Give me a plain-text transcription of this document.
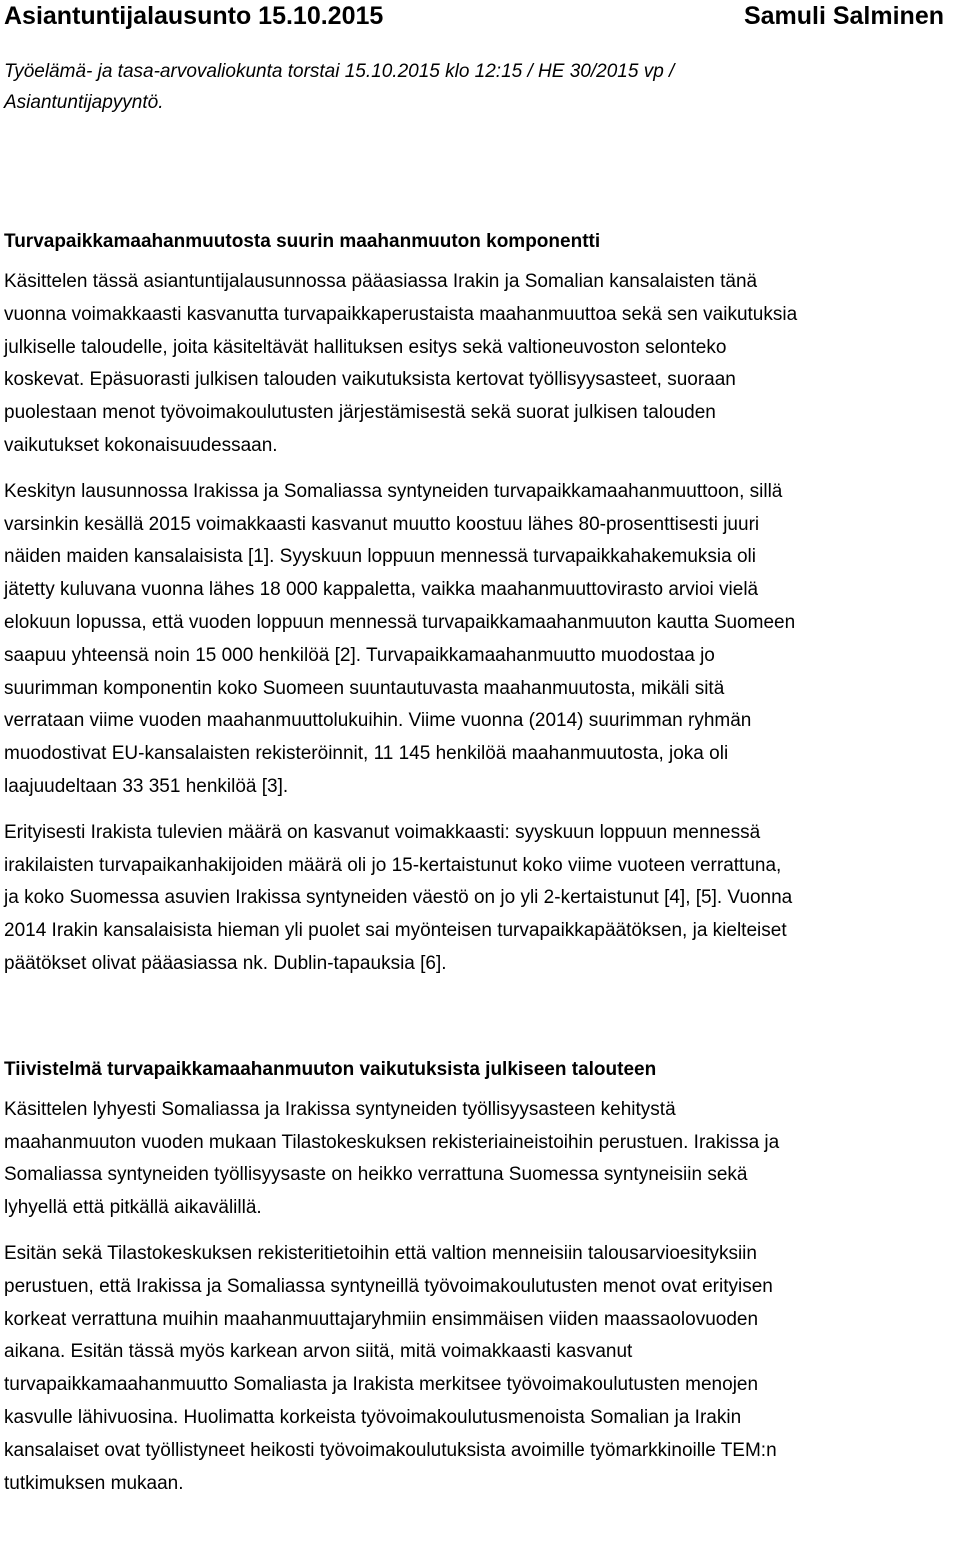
Asiantuntijalausunto 15.10.2015	Samuli Salminen
Työelämä- ja tasa-arvovaliokunta torstai 15.10.2015 klo 12:15 / HE 30/2015 vp /
Asiantuntijapyyntö.
Turvapaikkamaahanmuutosta suurin maahanmuuton komponentti
Käsittelen tässä asiantuntijalausunnossa pääasiassa Irakin ja Somalian kansalaisten tänä
vuonna voimakkaasti kasvanutta turvapaikkaperustaista maahanmuuttoa sekä sen vaikutuksia
julkiselle taloudelle, joita käsiteltävät hallituksen esitys sekä valtioneuvoston selonteko
koskevat. Epäsuorasti julkisen talouden vaikutuksista kertovat työllisyysasteet, suoraan
puolestaan menot työvoimakoulutusten järjestämisestä sekä suorat julkisen talouden
vaikutukset kokonaisuudessaan.
Keskityn lausunnossa Irakissa ja Somaliassa syntyneiden turvapaikkamaahanmuuttoon, sillä
varsinkin kesällä 2015 voimakkaasti kasvanut muutto koostuu lähes 80-prosenttisesti juuri
näiden maiden kansalaisista [1]. Syyskuun loppuun mennessä turvapaikkahakemuksia oli
jätetty kuluvana vuonna lähes 18 000 kappaletta, vaikka maahanmuuttovirasto arvioi vielä
elokuun lopussa, että vuoden loppuun mennessä turvapaikkamaahanmuuton kautta Suomeen
saapuu yhteensä noin 15 000 henkilöä [2]. Turvapaikkamaahanmuutto muodostaa jo
suurimman komponentin koko Suomeen suuntautuvasta maahanmuutosta, mikäli sitä
verrataan viime vuoden maahanmuuttolukuihin. Viime vuonna (2014) suurimman ryhmän
muodostivat EU-kansalaisten rekisteröinnit, 11 145 henkilöä maahanmuutosta, joka oli
laajuudeltaan 33 351 henkilöä [3].
Erityisesti Irakista tulevien määrä on kasvanut voimakkaasti: syyskuun loppuun mennessä
irakilaisten turvapaikanhakijoiden määrä oli jo 15-kertaistunut koko viime vuoteen verrattuna,
ja koko Suomessa asuvien Irakissa syntyneiden väestö on jo yli 2-kertaistunut [4], [5]. Vuonna
2014 Irakin kansalaisista hieman yli puolet sai myönteisen turvapaikkapäätöksen, ja kielteiset
päätökset olivat pääasiassa nk. Dublin-tapauksia [6].
Tiivistelmä turvapaikkamaahanmuuton vaikutuksista julkiseen talouteen
Käsittelen lyhyesti Somaliassa ja Irakissa syntyneiden työllisyysasteen kehitystä
maahanmuuton vuoden mukaan Tilastokeskuksen rekisteriaineistoihin perustuen. Irakissa ja
Somaliassa syntyneiden työllisyysaste on heikko verrattuna Suomessa syntyneisiin sekä
lyhyellä että pitkällä aikavälillä.
Esitän sekä Tilastokeskuksen rekisteritietoihin että valtion menneisiin talousarvioesityksiin
perustuen, että Irakissa ja Somaliassa syntyneillä työvoimakoulutusten menot ovat erityisen
korkeat verrattuna muihin maahanmuuttajaryhmiin ensimmäisen viiden maassaolovuoden
aikana. Esitän tässä myös karkean arvon siitä, mitä voimakkaasti kasvanut
turvapaikkamaahanmuutto Somaliasta ja Irakista merkitsee työvoimakoulutusten menojen
kasvulle lähivuosina. Huolimatta korkeista työvoimakoulutusmenoista Somalian ja Irakin
kansalaiset ovat työllistyneet heikosti työvoimakoulutuksista avoimille työmarkkinoille TEM:n
tutkimuksen mukaan.
